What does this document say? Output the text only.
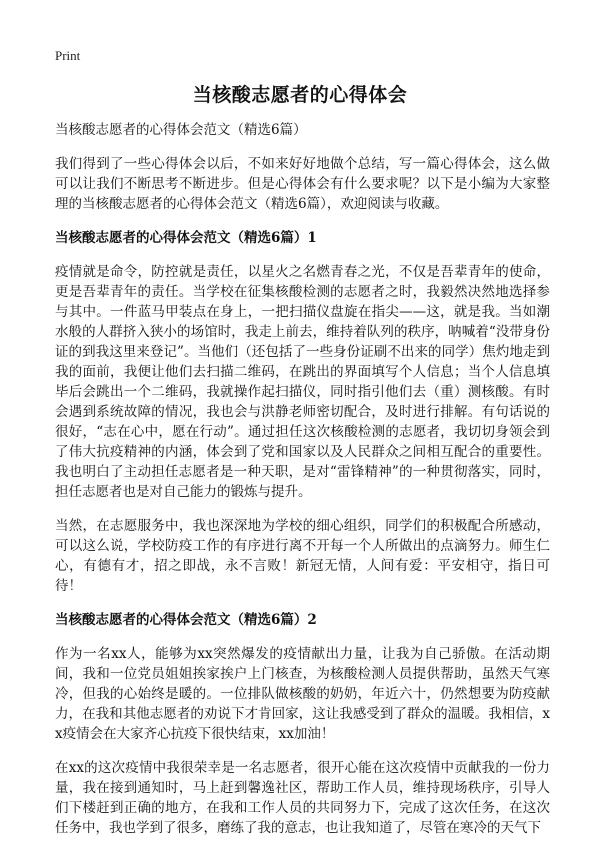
Print
当核酸志愿者的心得体会
当核酸志愿者的心得体会范文（精选6篇）

我们得到了一些心得体会以后，不如来好好地做个总结，写一篇心得体会，这么做可以让我们不断思考不断进步。但是心得体会有什么要求呢？以下是小编为大家整理的当核酸志愿者的心得体会范文（精选6篇），欢迎阅读与收藏。

当核酸志愿者的心得体会范文（精选6篇）1

疫情就是命令，防控就是责任，以星火之名燃青春之光，不仅是吾辈青年的使命，更是吾辈青年的责任。当学校在征集核酸检测的志愿者之时，我毅然决然地选择参与其中。一件蓝马甲装点在身上，一把扫描仪盘旋在指尖——这，就是我。当如潮水般的人群挤入狭小的场馆时，我走上前去，维持着队列的秩序，呐喊着“没带身份证的到我这里来登记”。当他们（还包括了一些身份证刷不出来的同学）焦灼地走到我的面前，我便让他们去扫描二维码，在跳出的界面填写个人信息；当个人信息填毕后会跳出一个二维码，我就操作起扫描仪，同时指引他们去（重）测核酸。有时会遇到系统故障的情况，我也会与洪静老师密切配合，及时进行排解。有句话说的很好，“志在心中，愿在行动”。通过担任这次核酸检测的志愿者，我切切身领会到了伟大抗疫精神的内涵，体会到了党和国家以及人民群众之间相互配合的重要性。我也明白了主动担任志愿者是一种天职，是对“雷锋精神”的一种贯彻落实，同时，担任志愿者也是对自己能力的锻炼与提升。

当然，在志愿服务中，我也深深地为学校的细心组织，同学们的积极配合所感动，可以这么说，学校防疫工作的有序进行离不开每一个人所做出的点滴努力。师生仁心，有德有才，招之即战，永不言败！新冠无情，人间有爱：平安相守，指日可待！

当核酸志愿者的心得体会范文（精选6篇）2

作为一名xx人，能够为xx突然爆发的疫情献出力量，让我为自己骄傲。在活动期间，我和一位党员姐姐挨家挨户上门核查，为核酸检测人员提供帮助，虽然天气寒冷，但我的心始终是暖的。一位排队做核酸的奶奶，年近六十，仍然想要为防疫献力，在我和其他志愿者的劝说下才肯回家，这让我感受到了群众的温暖。我相信，xx疫情会在大家齐心抗疫下很快结束，xx加油！

在xx的这次疫情中我很荣幸是一名志愿者，很开心能在这次疫情中贡献我的一份力量，我在接到通知时，马上赶到馨逸社区，帮助工作人员，维持现场秩序，引导人们下楼赶到正确的地方，在我和工作人员的共同努力下，完成了这次任务，在这次任务中，我也学到了很多，磨练了我的意志，也让我知道了，尽管在寒冷的天气下
